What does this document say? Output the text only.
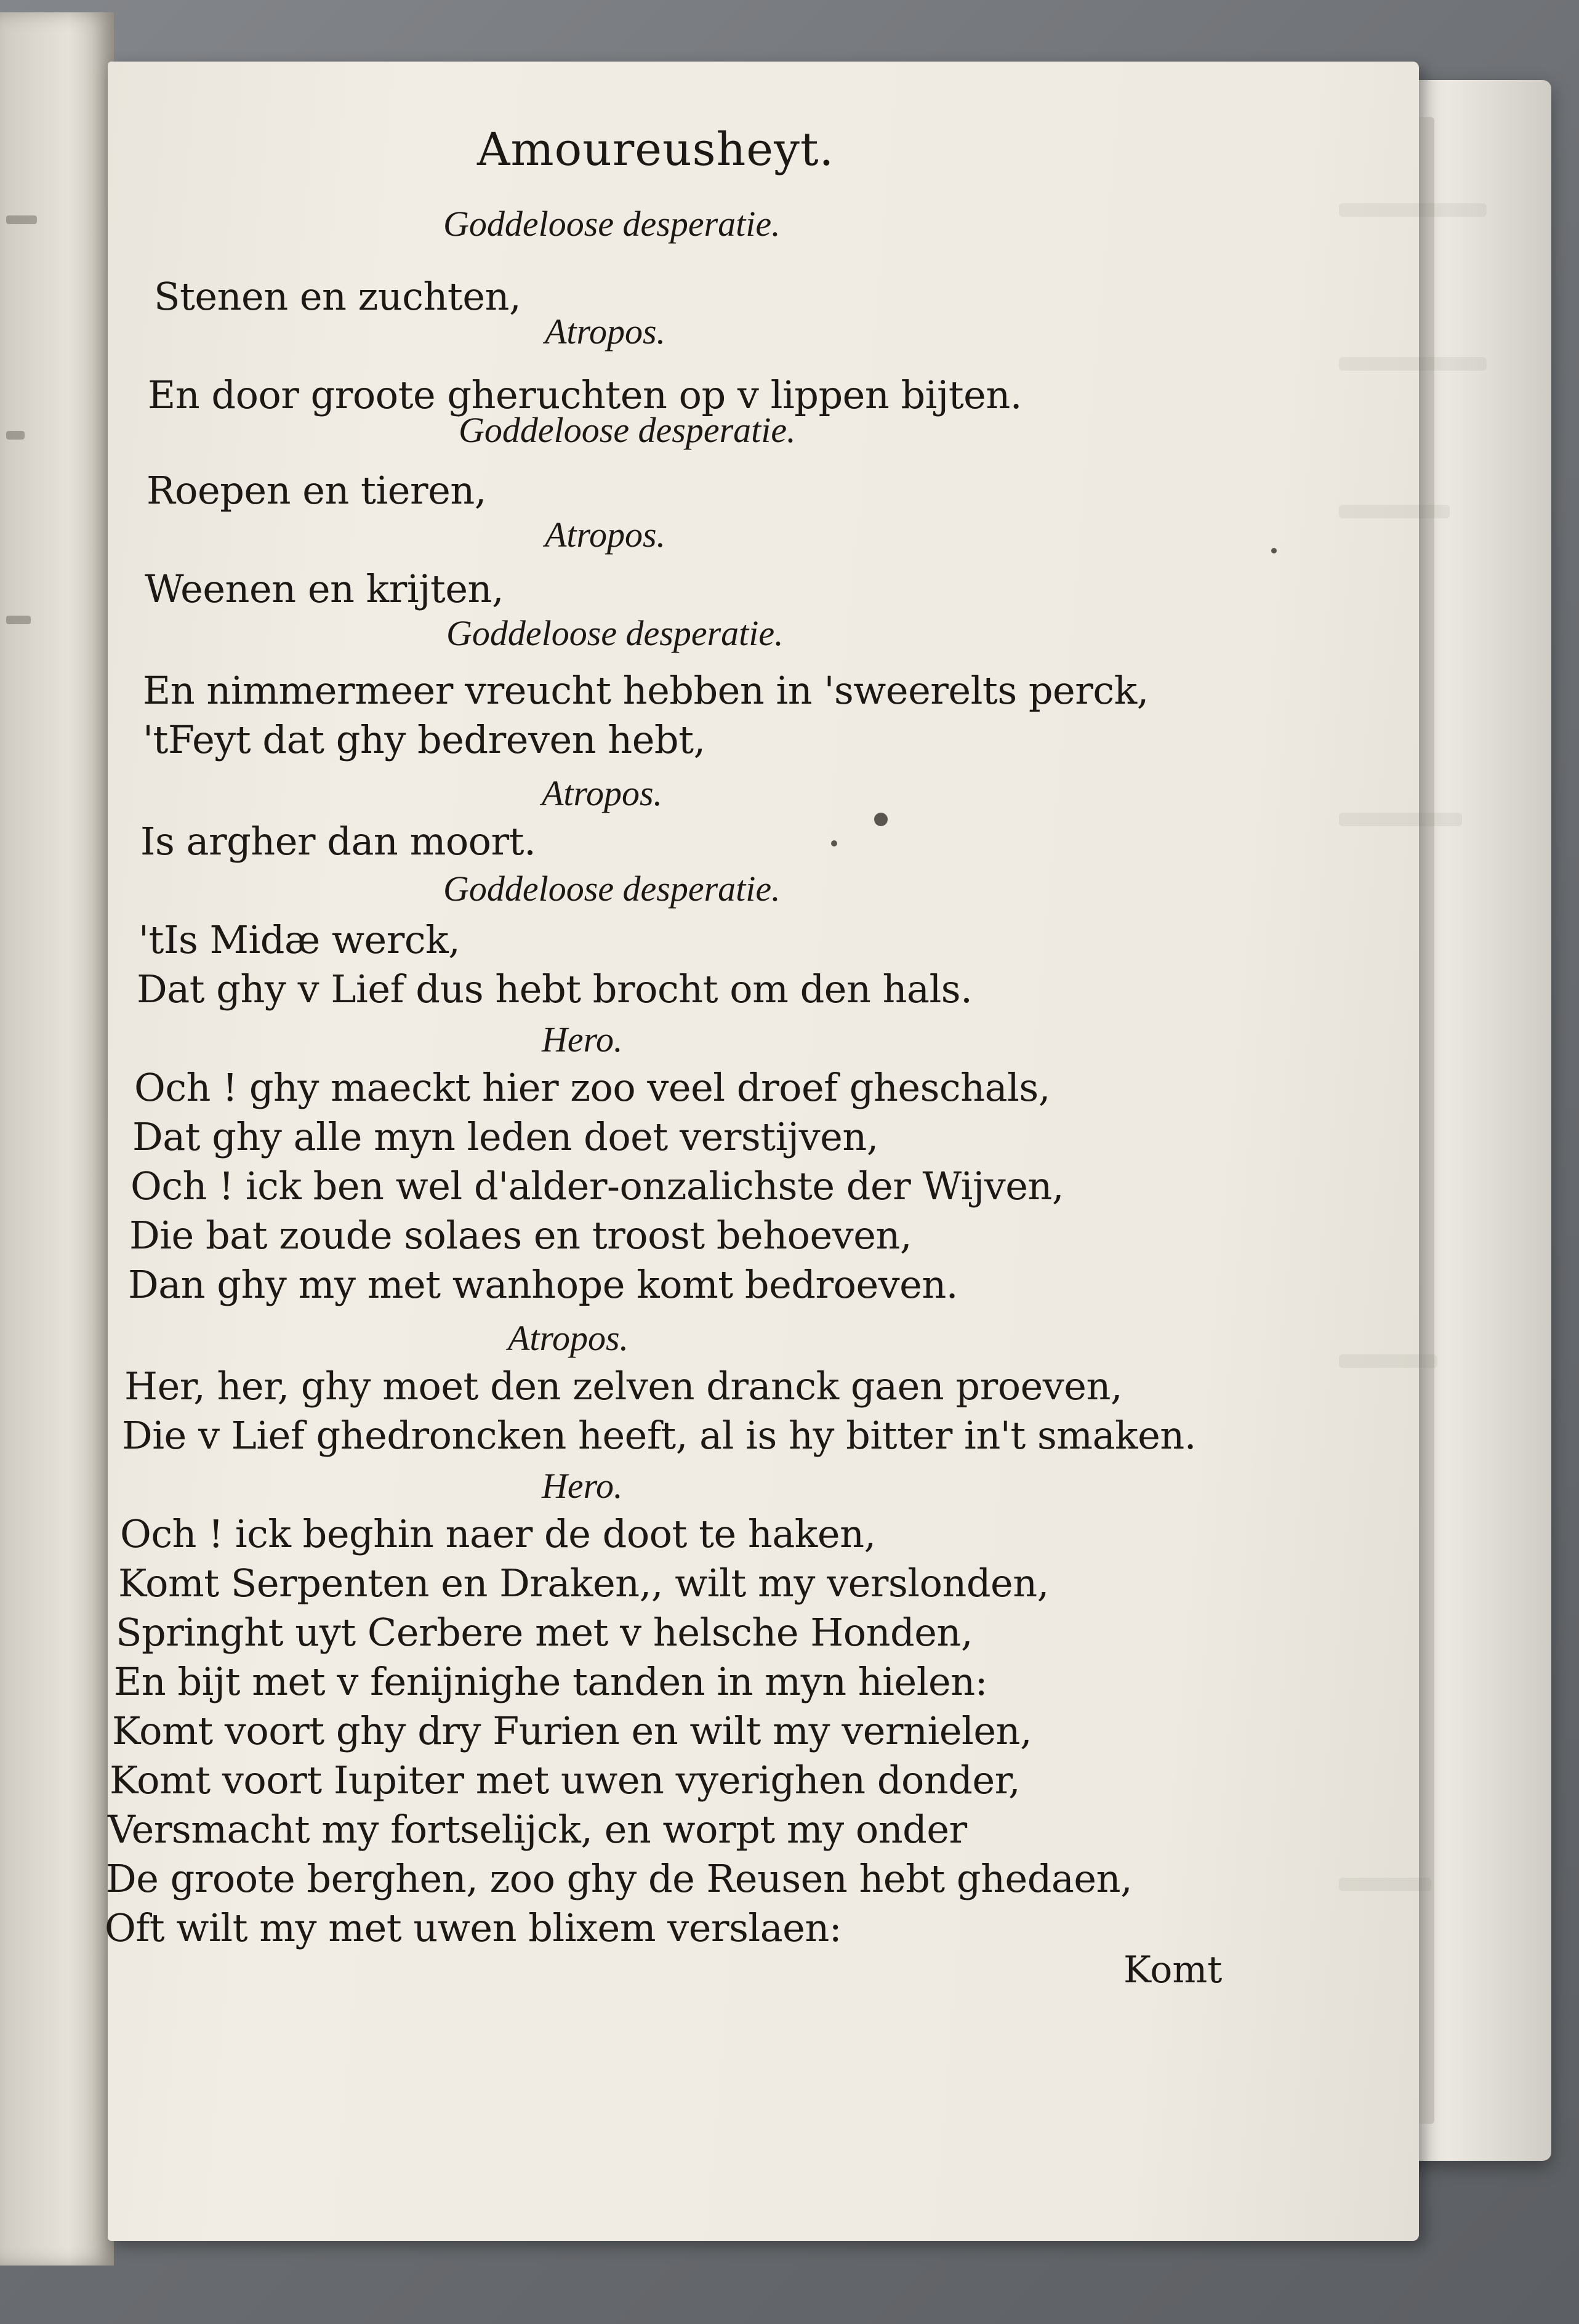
Amoureusheyt.

Goddeloose desperatie.

Stenen en zuchten,

Atropos.

En door groote gheruchten op v lippen bijten.

Goddeloose desperatie.

Roepen en tieren,

Atropos.

Weenen en krijten,

Goddeloose desperatie.

En nimmermeer vreucht hebben in 'sweerelts perck,

'tFeyt dat ghy bedreven hebt,

Atropos.

Is argher dan moort.

Goddeloose desperatie.

'tIs Midæ werck,

Dat ghy v Lief dus hebt brocht om den hals.

Hero.

Och ! ghy maeckt hier zoo veel droef gheschals,

Dat ghy alle myn leden doet verstijven,

Och ! ick ben wel d'alder-onzalichste der Wijven,

Die bat zoude solaes en troost behoeven,

Dan ghy my met wanhope komt bedroeven.

Atropos.

Her, her, ghy moet den zelven dranck gaen proeven,

Die v Lief ghedroncken heeft, al is hy bitter in't smaken.

Hero.

Och ! ick beghin naer de doot te haken,

Komt Serpenten en Draken,, wilt my verslonden,

Springht uyt Cerbere met v helsche Honden,

En bijt met v fenijnighe tanden in myn hielen:

Komt voort ghy dry Furien en wilt my vernielen,

Komt voort Iupiter met uwen vyerighen donder,

Versmacht my fortselijck, en worpt my onder

De groote berghen, zoo ghy de Reusen hebt ghedaen,

Oft wilt my met uwen blixem verslaen:

Komt
